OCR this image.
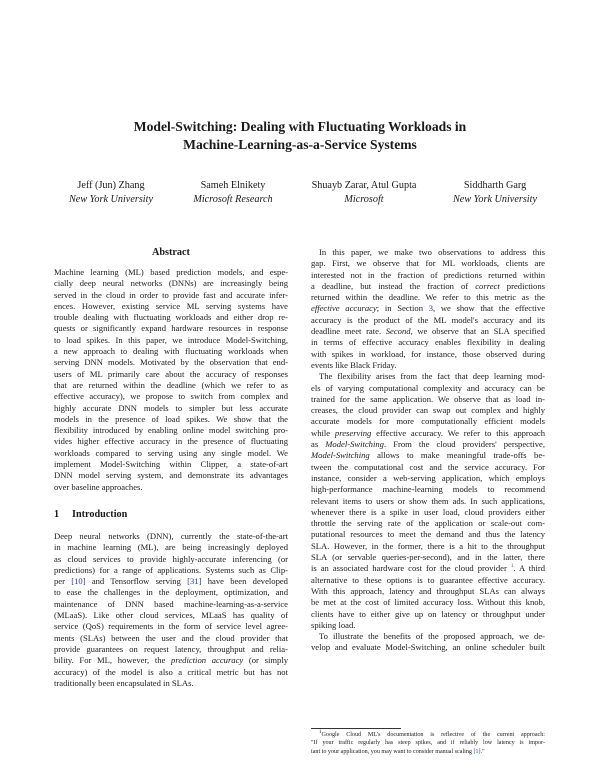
Model-Switching: Dealing with Fluctuating Workloads in
Machine-Learning-as-a-Service Systems
Jeff (Jun) Zhang
New York University
Sameh Elnikety
Microsoft Research
Shuayb Zarar, Atul Gupta
Microsoft
Siddharth Garg
New York University
Abstract
Machine learning (ML) based prediction models, and espe-
cially deep neural networks (DNNs) are increasingly being
served in the cloud in order to provide fast and accurate infer-
ences. However, existing service ML serving systems have
trouble dealing with fluctuating workloads and either drop re-
quests or significantly expand hardware resources in response
to load spikes. In this paper, we introduce Model-Switching,
a new approach to dealing with fluctuating workloads when
serving DNN models. Motivated by the observation that end-
users of ML primarily care about the accuracy of responses
that are returned within the deadline (which we refer to as
effective accuracy), we propose to switch from complex and
highly accurate DNN models to simpler but less accurate
models in the presence of load spikes. We show that the
flexibility introduced by enabling online model switching pro-
vides higher effective accuracy in the presence of fluctuating
workloads compared to serving using any single model. We
implement Model-Switching within Clipper, a state-of-art
DNN model serving system, and demonstrate its advantages
over baseline approaches.
1 Introduction
Deep neural networks (DNN), currently the state-of-the-art
in machine learning (ML), are being increasingly deployed
as cloud services to provide highly-accurate inferencing (or
predictions) for a range of applications. Systems such as Clip-
per [10] and Tensorflow serving [31] have been developed
to ease the challenges in the deployment, optimization, and
maintenance of DNN based machine-learning-as-a-service
(MLaaS). Like other cloud services, MLaaS has quality of
service (QoS) requirements in the form of service level agree-
ments (SLAs) between the user and the cloud provider that
provide guarantees on request latency, throughput and relia-
bility. For ML, however, the prediction accuracy (or simply
accuracy) of the model is also a critical metric but has not
traditionally been encapsulated in SLAs.
In this paper, we make two observations to address this
gap. First, we observe that for ML workloads, clients are
interested not in the fraction of predictions returned within
a deadline, but instead the fraction of correct predictions
returned within the deadline. We refer to this metric as the
effective accuracy; in Section 3, we show that the effective
accuracy is the product of the ML model's accuracy and its
deadline meet rate. Second, we observe that an SLA specified
in terms of effective accuracy enables flexibility in dealing
with spikes in workload, for instance, those observed during
events like Black Friday.
The flexibility arises from the fact that deep learning mod-
els of varying computational complexity and accuracy can be
trained for the same application. We observe that as load in-
creases, the cloud provider can swap out complex and highly
accurate models for more computationally efficient models
while preserving effective accuracy. We refer to this approach
as Model-Switching. From the cloud providers' perspective,
Model-Switching allows to make meaningful trade-offs be-
tween the computational cost and the service accuracy. For
instance, consider a web-serving application, which employs
high-performance machine-learning models to recommend
relevant items to users or show them ads. In such applications,
whenever there is a spike in user load, cloud providers either
throttle the serving rate of the application or scale-out com-
putational resources to meet the demand and thus the latency
SLA. However, in the former, there is a hit to the throughput
SLA (or servable queries-per-second), and in the latter, there
is an associated hardware cost for the cloud provider $^1$. A third
alternative to these options is to guarantee effective accuracy.
With this approach, latency and throughput SLAs can always
be met at the cost of limited accuracy loss. Without this knob,
clients have to either give up on latency or throughput under
spiking load.
To illustrate the benefits of the proposed approach, we de-
velop and evaluate Model-Switching, an online scheduler built
$^1$Google Cloud ML's documentation is reflective of the current approach:
"If your traffic regularly has steep spikes, and if reliably low latency is impor-
tant to your application, you may want to consider manual scaling [1]."
